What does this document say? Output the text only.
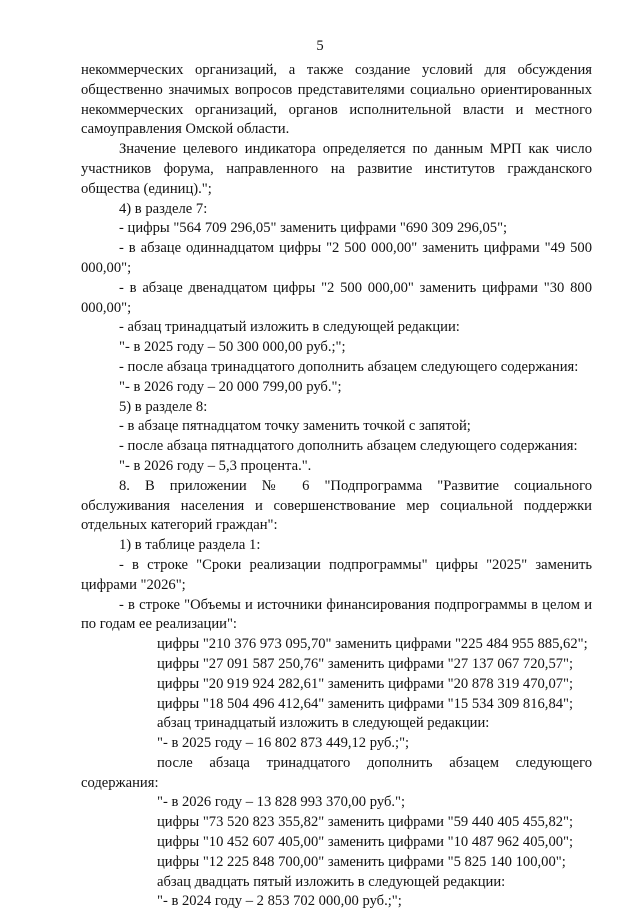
5
некоммерческих организаций, а также создание условий для обсуждения общественно значимых вопросов представителями социально ориентированных некоммерческих организаций, органов исполнительной власти и местного самоуправления Омской области.
Значение целевого индикатора определяется по данным МРП как число участников форума, направленного на развитие институтов гражданского общества (единиц).";
4) в разделе 7:
- цифры "564 709 296,05" заменить цифрами "690 309 296,05";
- в абзаце одиннадцатом цифры "2 500 000,00" заменить цифрами "49 500 000,00";
- в абзаце двенадцатом цифры "2 500 000,00" заменить цифрами "30 800 000,00";
- абзац тринадцатый изложить в следующей редакции:
"- в 2025 году – 50 300 000,00 руб.;";
- после абзаца тринадцатого дополнить абзацем следующего содержания:
"- в 2026 году – 20 000 799,00 руб.";
5) в разделе 8:
- в абзаце пятнадцатом точку заменить точкой с запятой;
- после абзаца пятнадцатого дополнить абзацем следующего содержания:
"- в 2026 году – 5,3 процента.".
8. В приложении № 6 "Подпрограмма "Развитие социального обслуживания населения и совершенствование мер социальной поддержки отдельных категорий граждан":
1) в таблице раздела 1:
- в строке "Сроки реализации подпрограммы" цифры "2025" заменить цифрами "2026";
- в строке "Объемы и источники финансирования подпрограммы в целом и по годам ее реализации":
цифры "210 376 973 095,70" заменить цифрами "225 484 955 885,62";
цифры "27 091 587 250,76" заменить цифрами "27 137 067 720,57";
цифры "20 919 924 282,61" заменить цифрами "20 878 319 470,07";
цифры "18 504 496 412,64" заменить цифрами "15 534 309 816,84";
абзац тринадцатый изложить в следующей редакции:
"- в 2025 году – 16 802 873 449,12 руб.;";
после абзаца тринадцатого дополнить абзацем следующего содержания:
"- в 2026 году – 13 828 993 370,00 руб.";
цифры "73 520 823 355,82" заменить цифрами "59 440 405 455,82";
цифры "10 452 607 405,00" заменить цифрами "10 487 962 405,00";
цифры "12 225 848 700,00" заменить цифрами "5 825 140 100,00";
абзац двадцать пятый изложить в следующей редакции:
"- в 2024 году – 2 853 702 000,00 руб.;";
